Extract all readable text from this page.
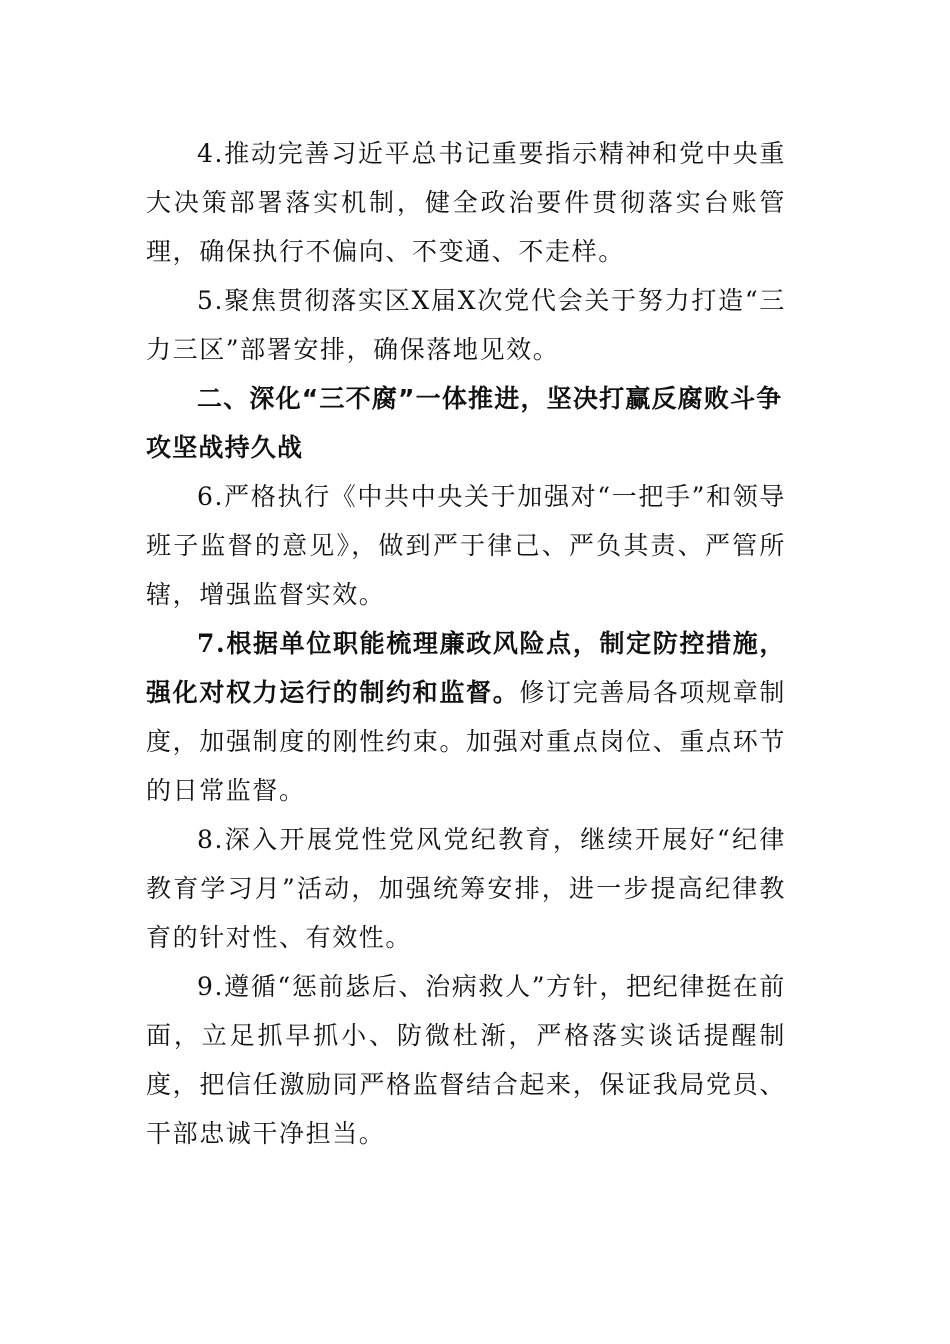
4.推动完善习近平总书记重要指示精神和党中央重大决策部署落实机制，健全政治要件贯彻落实台账管理，确保执行不偏向、不变通、不走样。

5.聚焦贯彻落实区Ⅹ届Ⅹ次党代会关于努力打造“三力三区”部署安排，确保落地见效。

二、深化“三不腐”一体推进，坚决打赢反腐败斗争攻坚战持久战

6.严格执行《中共中央关于加强对“一把手”和领导班子监督的意见》，做到严于律己、严负其责、严管所辖，增强监督实效。

7.根据单位职能梳理廉政风险点，制定防控措施，强化对权力运行的制约和监督。修订完善局各项规章制度，加强制度的刚性约束。加强对重点岗位、重点环节的日常监督。

8.深入开展党性党风党纪教育，继续开展好“纪律教育学习月”活动，加强统筹安排，进一步提高纪律教育的针对性、有效性。

9.遵循“惩前毖后、治病救人”方针，把纪律挺在前面，立足抓早抓小、防微杜渐，严格落实谈话提醒制度，把信任激励同严格监督结合起来，保证我局党员、干部忠诚干净担当。
